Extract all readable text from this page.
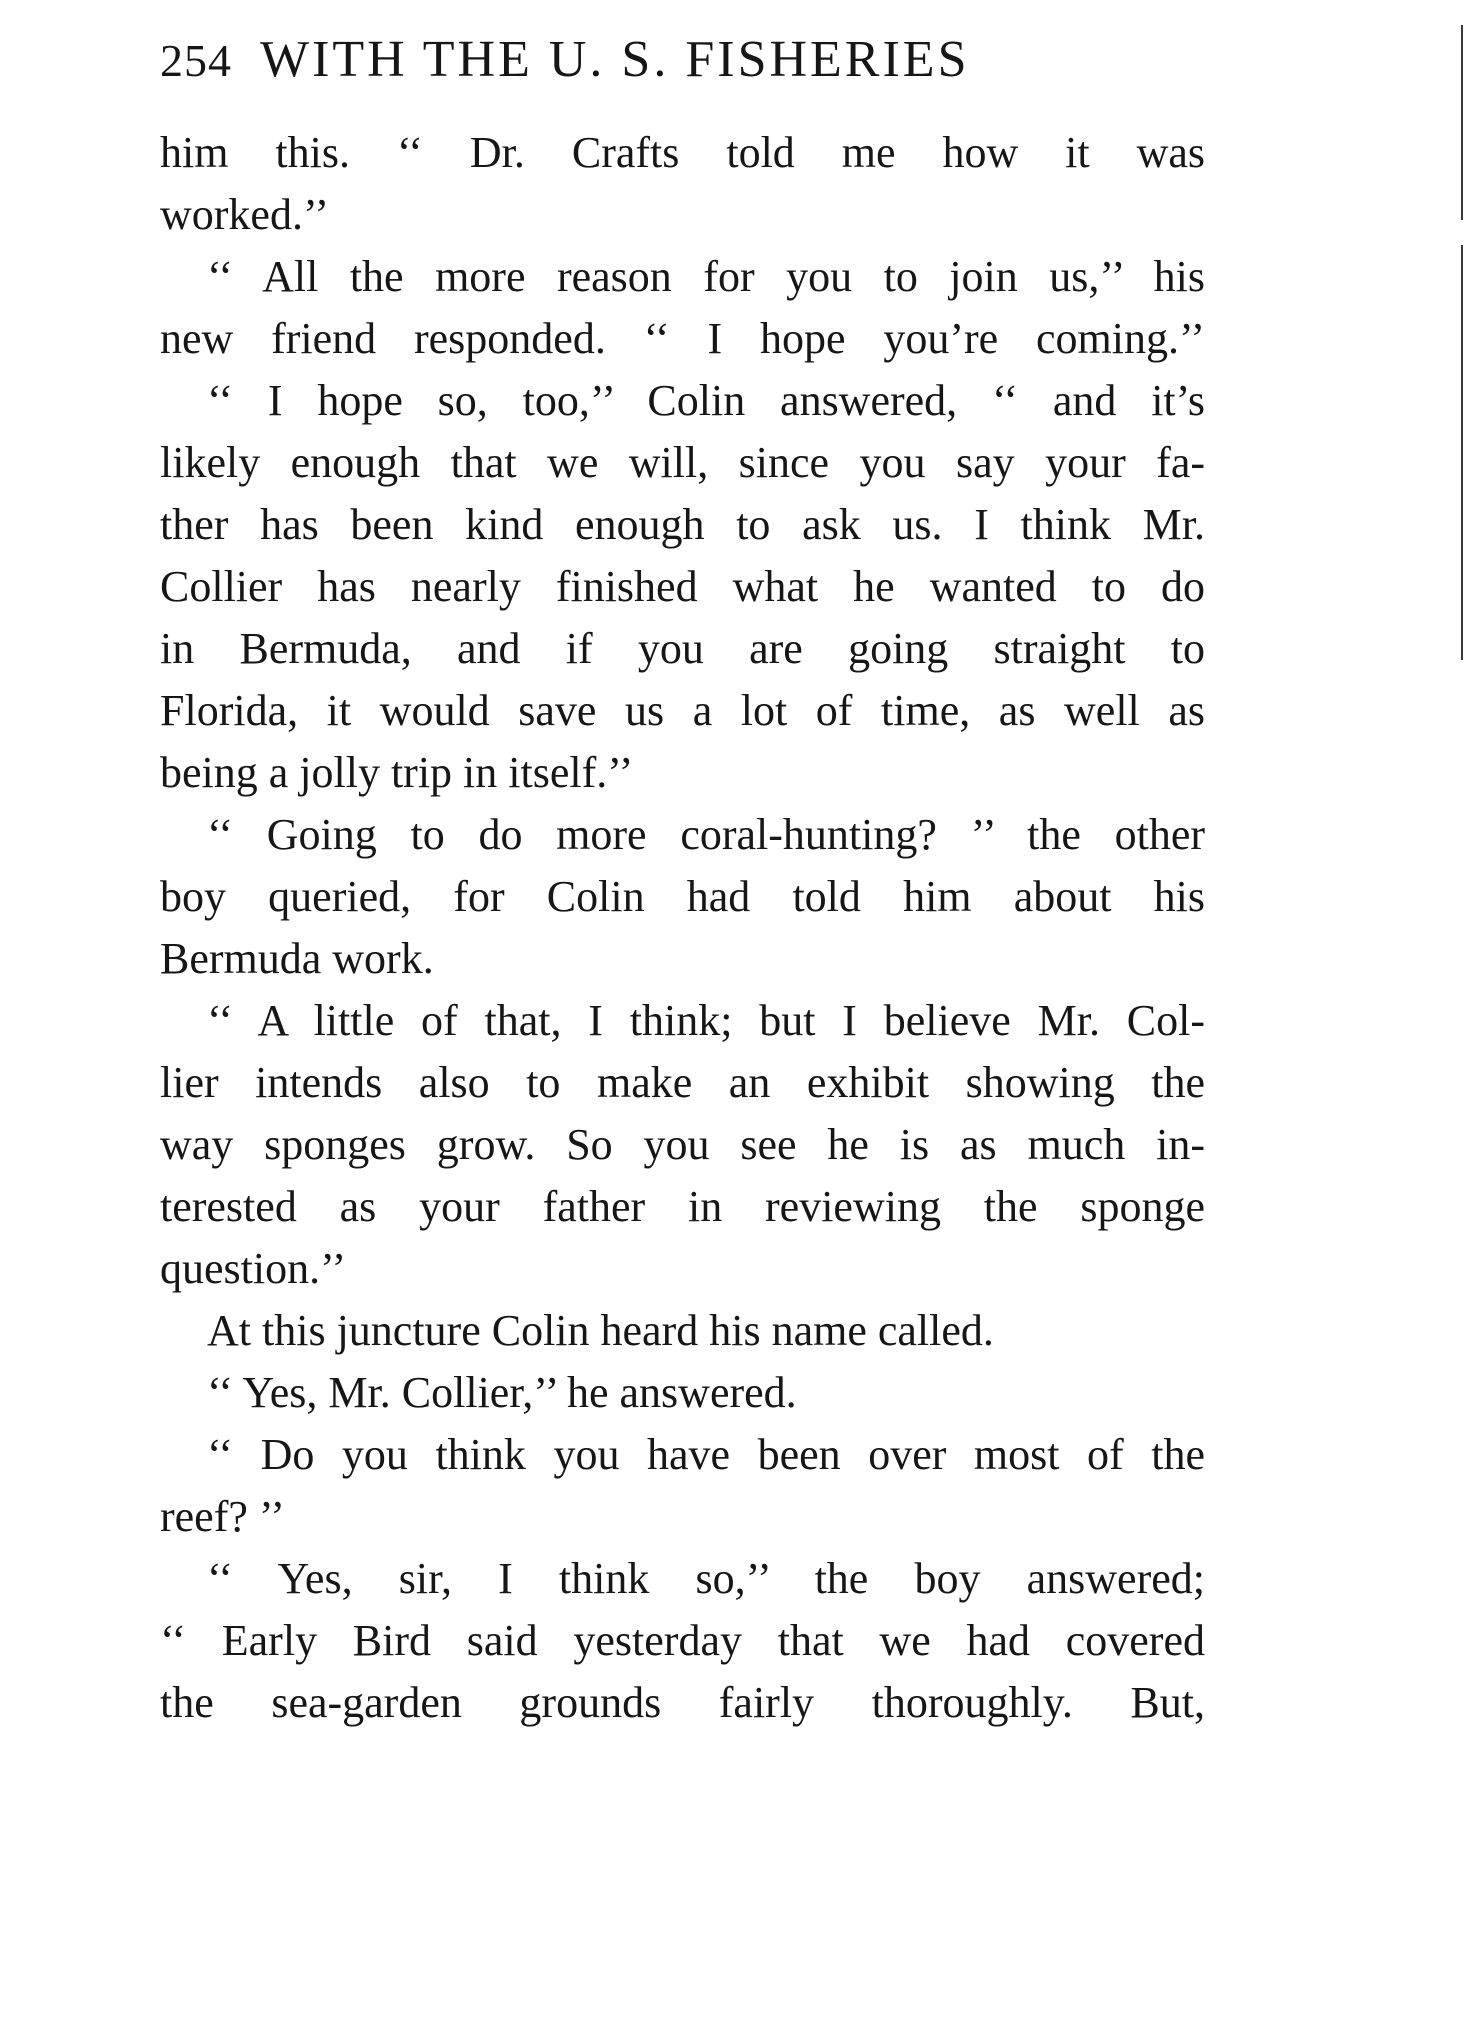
254 WITH THE U. S. FISHERIES
him this. ‘‘ Dr. Crafts told me how it was
worked.’’
‘‘ All the more reason for you to join us,’’ his
new friend responded. ‘‘ I hope you’re coming.’’
‘‘ I hope so, too,’’ Colin answered, ‘‘ and it’s
likely enough that we will, since you say your fa-
ther has been kind enough to ask us. I think Mr.
Collier has nearly finished what he wanted to do
in Bermuda, and if you are going straight to
Florida, it would save us a lot of time, as well as
being a jolly trip in itself.’’
‘‘ Going to do more coral-hunting? ’’ the other
boy queried, for Colin had told him about his
Bermuda work.
‘‘ A little of that, I think; but I believe Mr. Col-
lier intends also to make an exhibit showing the
way sponges grow. So you see he is as much in-
terested as your father in reviewing the sponge
question.’’
At this juncture Colin heard his name called.
‘‘ Yes, Mr. Collier,’’ he answered.
‘‘ Do you think you have been over most of the
reef? ’’
‘‘ Yes, sir, I think so,’’ the boy answered;
‘‘ Early Bird said yesterday that we had covered
the sea-garden grounds fairly thoroughly. But,
